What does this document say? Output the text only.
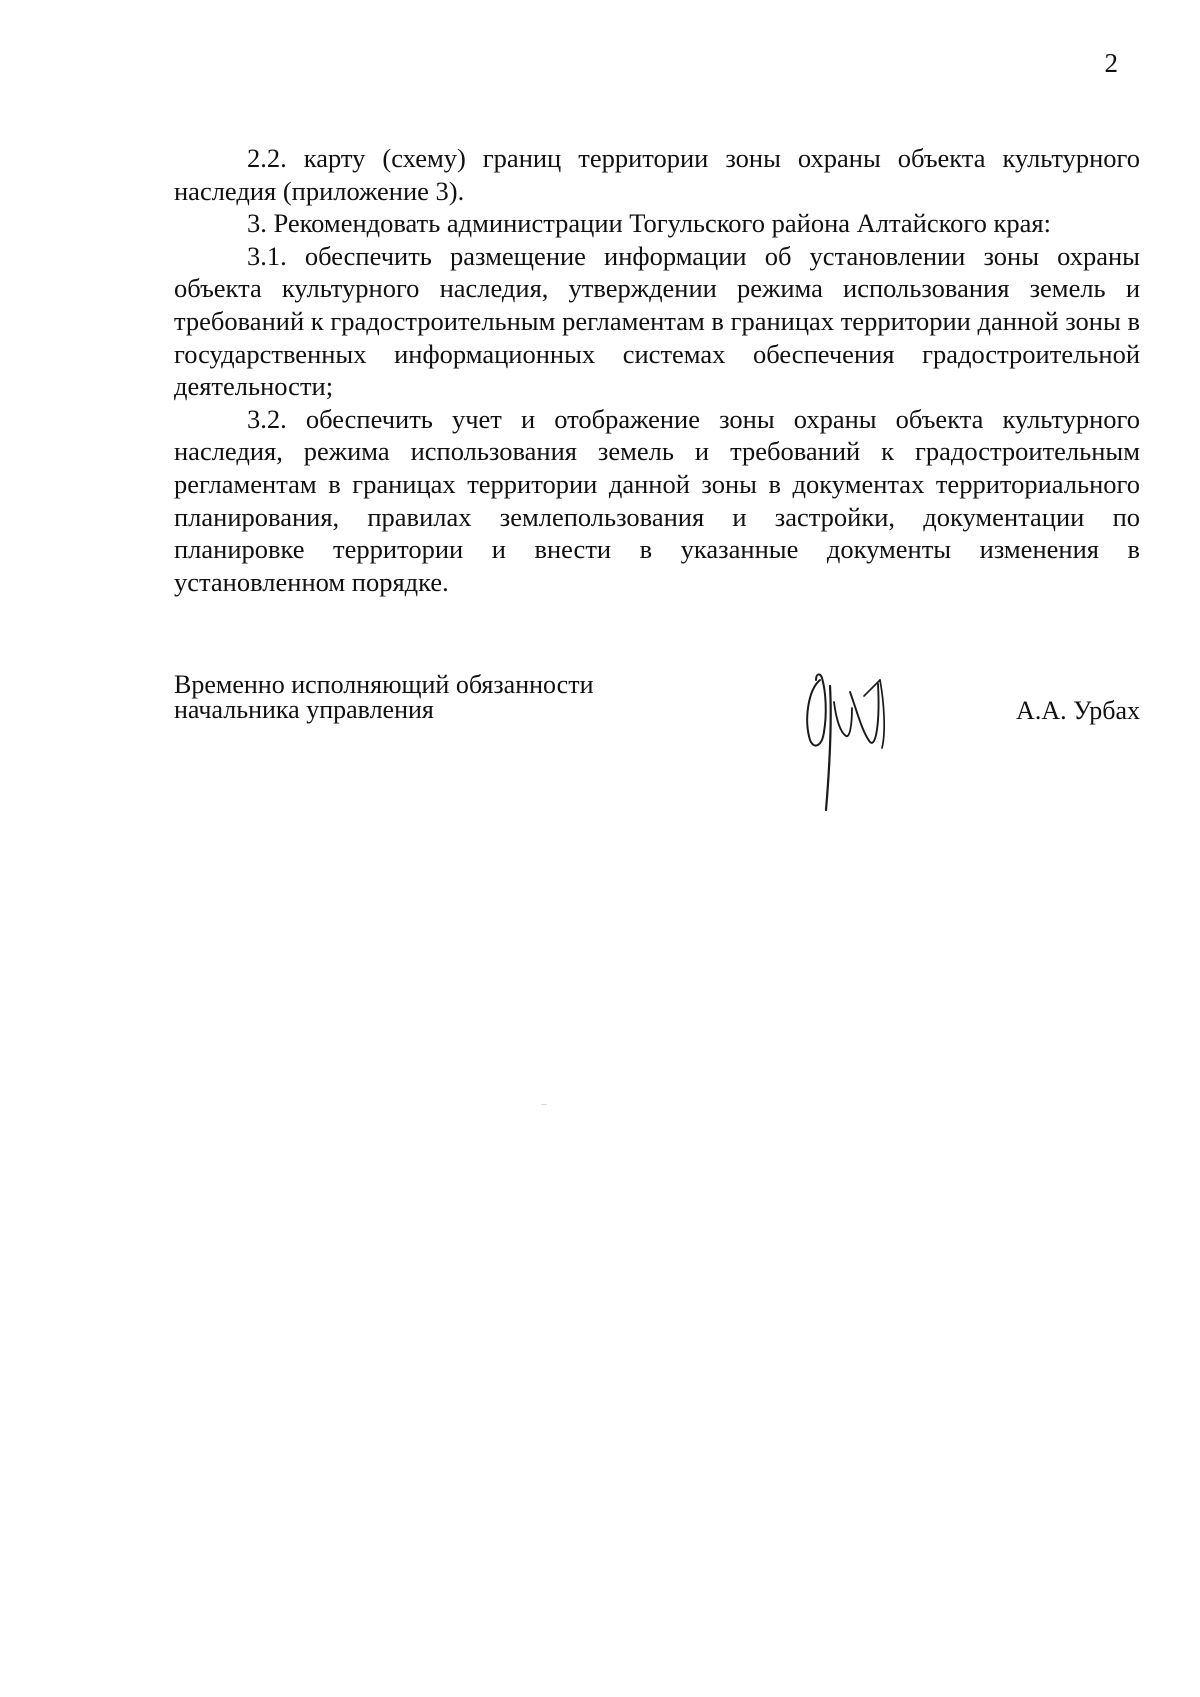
2

2.2. карту (схему) границ территории зоны охраны объекта культурного наследия (приложение 3).

3. Рекомендовать администрации Тогульского района Алтайского края:

3.1. обеспечить размещение информации об установлении зоны охраны объекта культурного наследия, утверждении режима использования земель и требований к градостроительным регламентам в границах территории данной зоны в государственных информационных системах обеспечения градостроительной деятельности;

3.2. обеспечить учет и отображение зоны охраны объекта культурного наследия, режима использования земель и требований к градостроительным регламентам в границах территории данной зоны в документах территориального планирования, правилах землепользования и застройки, документации по планировке территории и внести в указанные документы изменения в установленном порядке.

Временно исполняющий обязанности
начальника управления	А.А. Урбах
